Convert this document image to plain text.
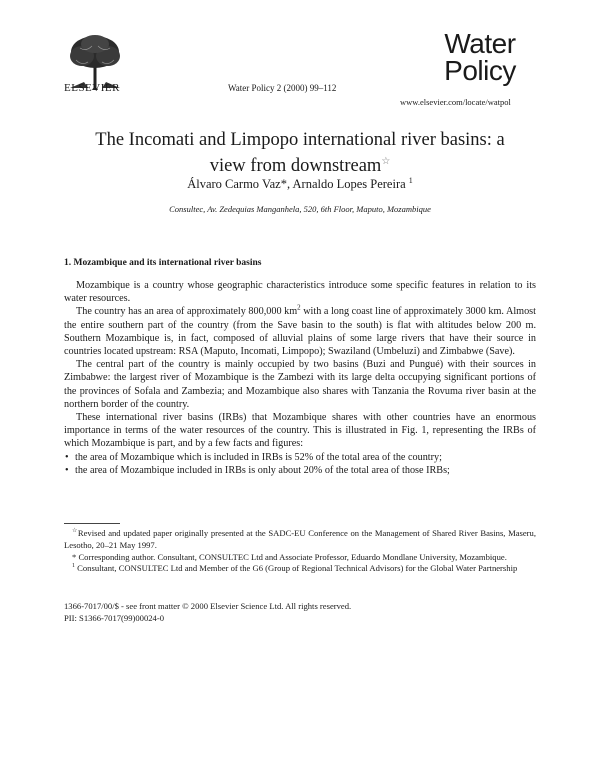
ELSEVIER	Water Policy 2 (2000) 99–112
Water
Policy
www.elsevier.com/locate/watpol
The Incomati and Limpopo international river basins: a
view from downstream☆
Álvaro Carmo Vaz*, Arnaldo Lopes Pereira $^1$
Consultec, Av. Zedequias Manganhela, 520, 6th Floor, Maputo, Mozambique
1. Mozambique and its international river basins

Mozambique is a country whose geographic characteristics introduce some specific features in relation to its water resources.

The country has an area of approximately 800,000 $km^2$ with a long coast line of approximately 3000 km. Almost the entire southern part of the country (from the Save basin to the south) is flat with altitudes below 200 m. Southern Mozambique is, in fact, composed of alluvial plains of some large rivers that have their source in countries located upstream: RSA (Maputo, Incomati, Limpopo); Swaziland (Umbeluzi) and Zimbabwe (Save).

The central part of the country is mainly occupied by two basins (Buzi and Pungué) with their sources in Zimbabwe: the largest river of Mozambique is the Zambezi with its large delta occupying significant portions of the provinces of Sofala and Zambezia; and Mozambique also shares with Tanzania the Rovuma river basin at the northern border of the country.

These international river basins (IRBs) that Mozambique shares with other countries have an enormous importance in terms of the water resources of the country. This is illustrated in Fig. 1, representing the IRBs of which Mozambique is part, and by a few facts and figures:

• the area of Mozambique which is included in IRBs is 52% of the total area of the country;
• the area of Mozambique included in IRBs is only about 20% of the total area of those IRBs;

☆Revised and updated paper originally presented at the SADC-EU Conference on the Management of Shared River Basins, Maseru, Lesotho, 20–21 May 1997.

* Corresponding author. Consultant, CONSULTEC Ltd and Associate Professor, Eduardo Mondlane University, Mozambique.

$^1$ Consultant, CONSULTEC Ltd and Member of the G6 (Group of Regional Technical Advisors) for the Global Water Partnership

1366-7017/00/$ - see front matter © 2000 Elsevier Science Ltd. All rights reserved.
PII: S1366-7017(99)00024-0
